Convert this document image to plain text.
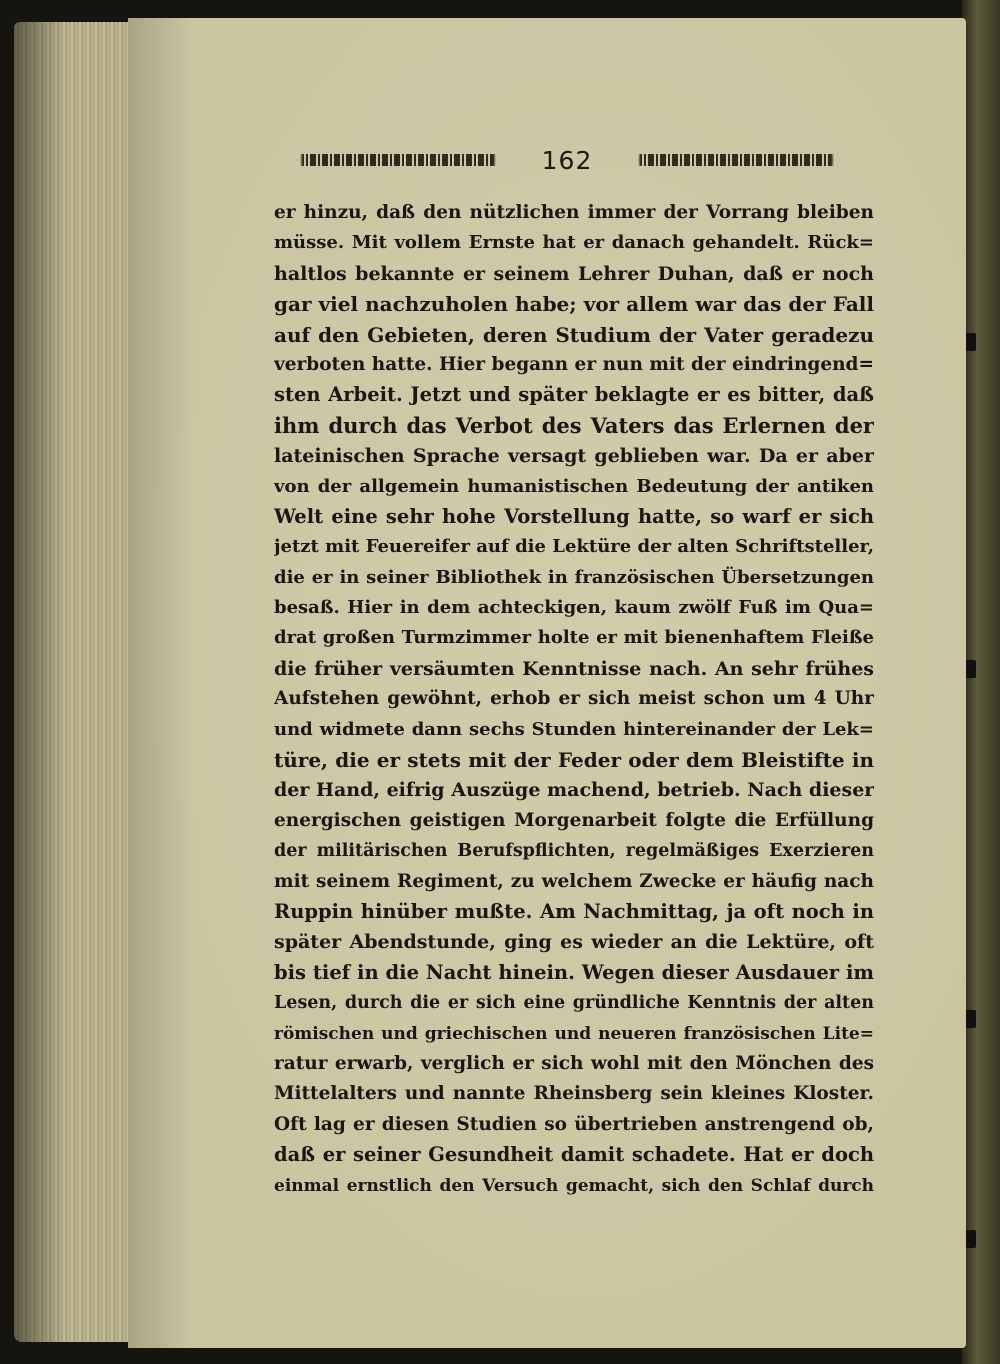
162
er hinzu, daß den nützlichen immer der Vorrang bleiben
müsse. Mit vollem Ernste hat er danach gehandelt. Rück=
haltlos bekannte er seinem Lehrer Duhan, daß er noch
gar viel nachzuholen habe; vor allem war das der Fall
auf den Gebieten, deren Studium der Vater geradezu
verboten hatte. Hier begann er nun mit der eindringend=
sten Arbeit. Jetzt und später beklagte er es bitter, daß
ihm durch das Verbot des Vaters das Erlernen der
lateinischen Sprache versagt geblieben war. Da er aber
von der allgemein humanistischen Bedeutung der antiken
Welt eine sehr hohe Vorstellung hatte, so warf er sich
jetzt mit Feuereifer auf die Lektüre der alten Schriftsteller,
die er in seiner Bibliothek in französischen Übersetzungen
besaß. Hier in dem achteckigen, kaum zwölf Fuß im Qua=
drat großen Turmzimmer holte er mit bienenhaftem Fleiße
die früher versäumten Kenntnisse nach. An sehr frühes
Aufstehen gewöhnt, erhob er sich meist schon um 4 Uhr
und widmete dann sechs Stunden hintereinander der Lek=
türe, die er stets mit der Feder oder dem Bleistifte in
der Hand, eifrig Auszüge machend, betrieb. Nach dieser
energischen geistigen Morgenarbeit folgte die Erfüllung
der militärischen Berufspflichten, regelmäßiges Exerzieren
mit seinem Regiment, zu welchem Zwecke er häufig nach
Ruppin hinüber mußte. Am Nachmittag, ja oft noch in
später Abendstunde, ging es wieder an die Lektüre, oft
bis tief in die Nacht hinein. Wegen dieser Ausdauer im
Lesen, durch die er sich eine gründliche Kenntnis der alten
römischen und griechischen und neueren französischen Lite=
ratur erwarb, verglich er sich wohl mit den Mönchen des
Mittelalters und nannte Rheinsberg sein kleines Kloster.
Oft lag er diesen Studien so übertrieben anstrengend ob,
daß er seiner Gesundheit damit schadete. Hat er doch
einmal ernstlich den Versuch gemacht, sich den Schlaf durch
